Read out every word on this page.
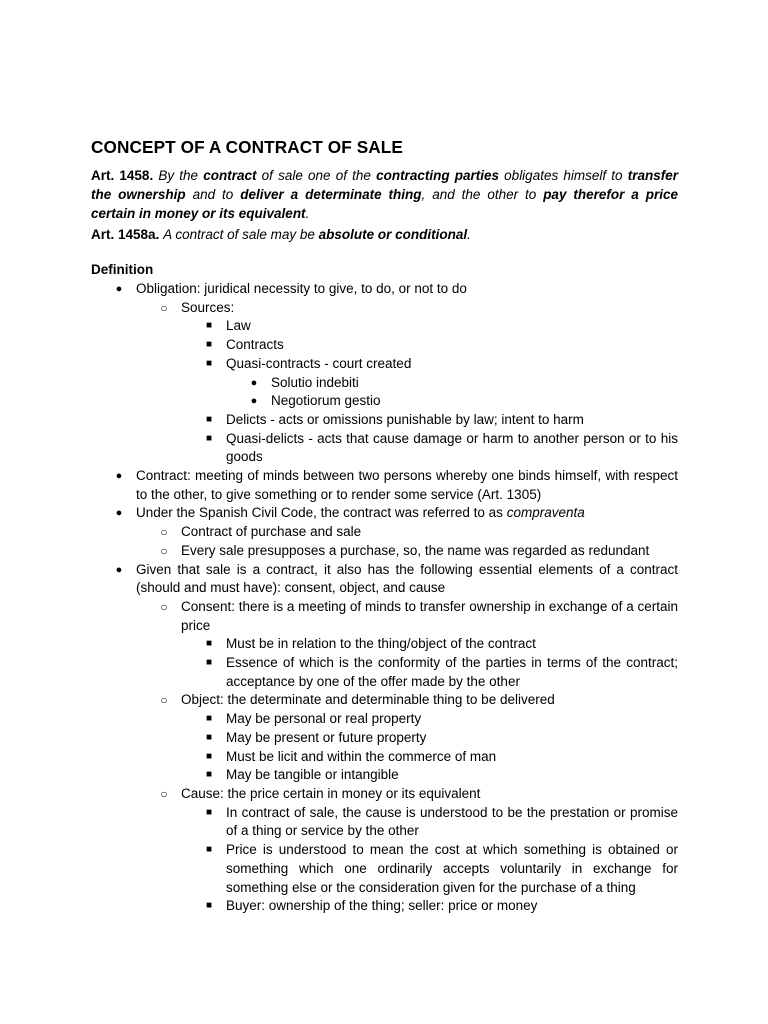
CONCEPT OF A CONTRACT OF SALE

Art. 1458. By the contract of sale one of the contracting parties obligates himself to transfer the ownership and to deliver a determinate thing, and the other to pay therefor a price certain in money or its equivalent.

Art. 1458a. A contract of sale may be absolute or conditional.

Definition

● Obligation: juridical necessity to give, to do, or not to do
○ Sources:
■ Law
■ Contracts
■ Quasi-contracts - court created
● Solutio indebiti
● Negotiorum gestio
■ Delicts - acts or omissions punishable by law; intent to harm
■ Quasi-delicts - acts that cause damage or harm to another person or to his goods
● Contract: meeting of minds between two persons whereby one binds himself, with respect to the other, to give something or to render some service (Art. 1305)
● Under the Spanish Civil Code, the contract was referred to as compraventa
○ Contract of purchase and sale
○ Every sale presupposes a purchase, so, the name was regarded as redundant
● Given that sale is a contract, it also has the following essential elements of a contract (should and must have): consent, object, and cause
○ Consent: there is a meeting of minds to transfer ownership in exchange of a certain price
■ Must be in relation to the thing/object of the contract
■ Essence of which is the conformity of the parties in terms of the contract; acceptance by one of the offer made by the other
○ Object: the determinate and determinable thing to be delivered
■ May be personal or real property
■ May be present or future property
■ Must be licit and within the commerce of man
■ May be tangible or intangible
○ Cause: the price certain in money or its equivalent
■ In contract of sale, the cause is understood to be the prestation or promise of a thing or service by the other
■ Price is understood to mean the cost at which something is obtained or something which one ordinarily accepts voluntarily in exchange for something else or the consideration given for the purchase of a thing
■ Buyer: ownership of the thing; seller: price or money
